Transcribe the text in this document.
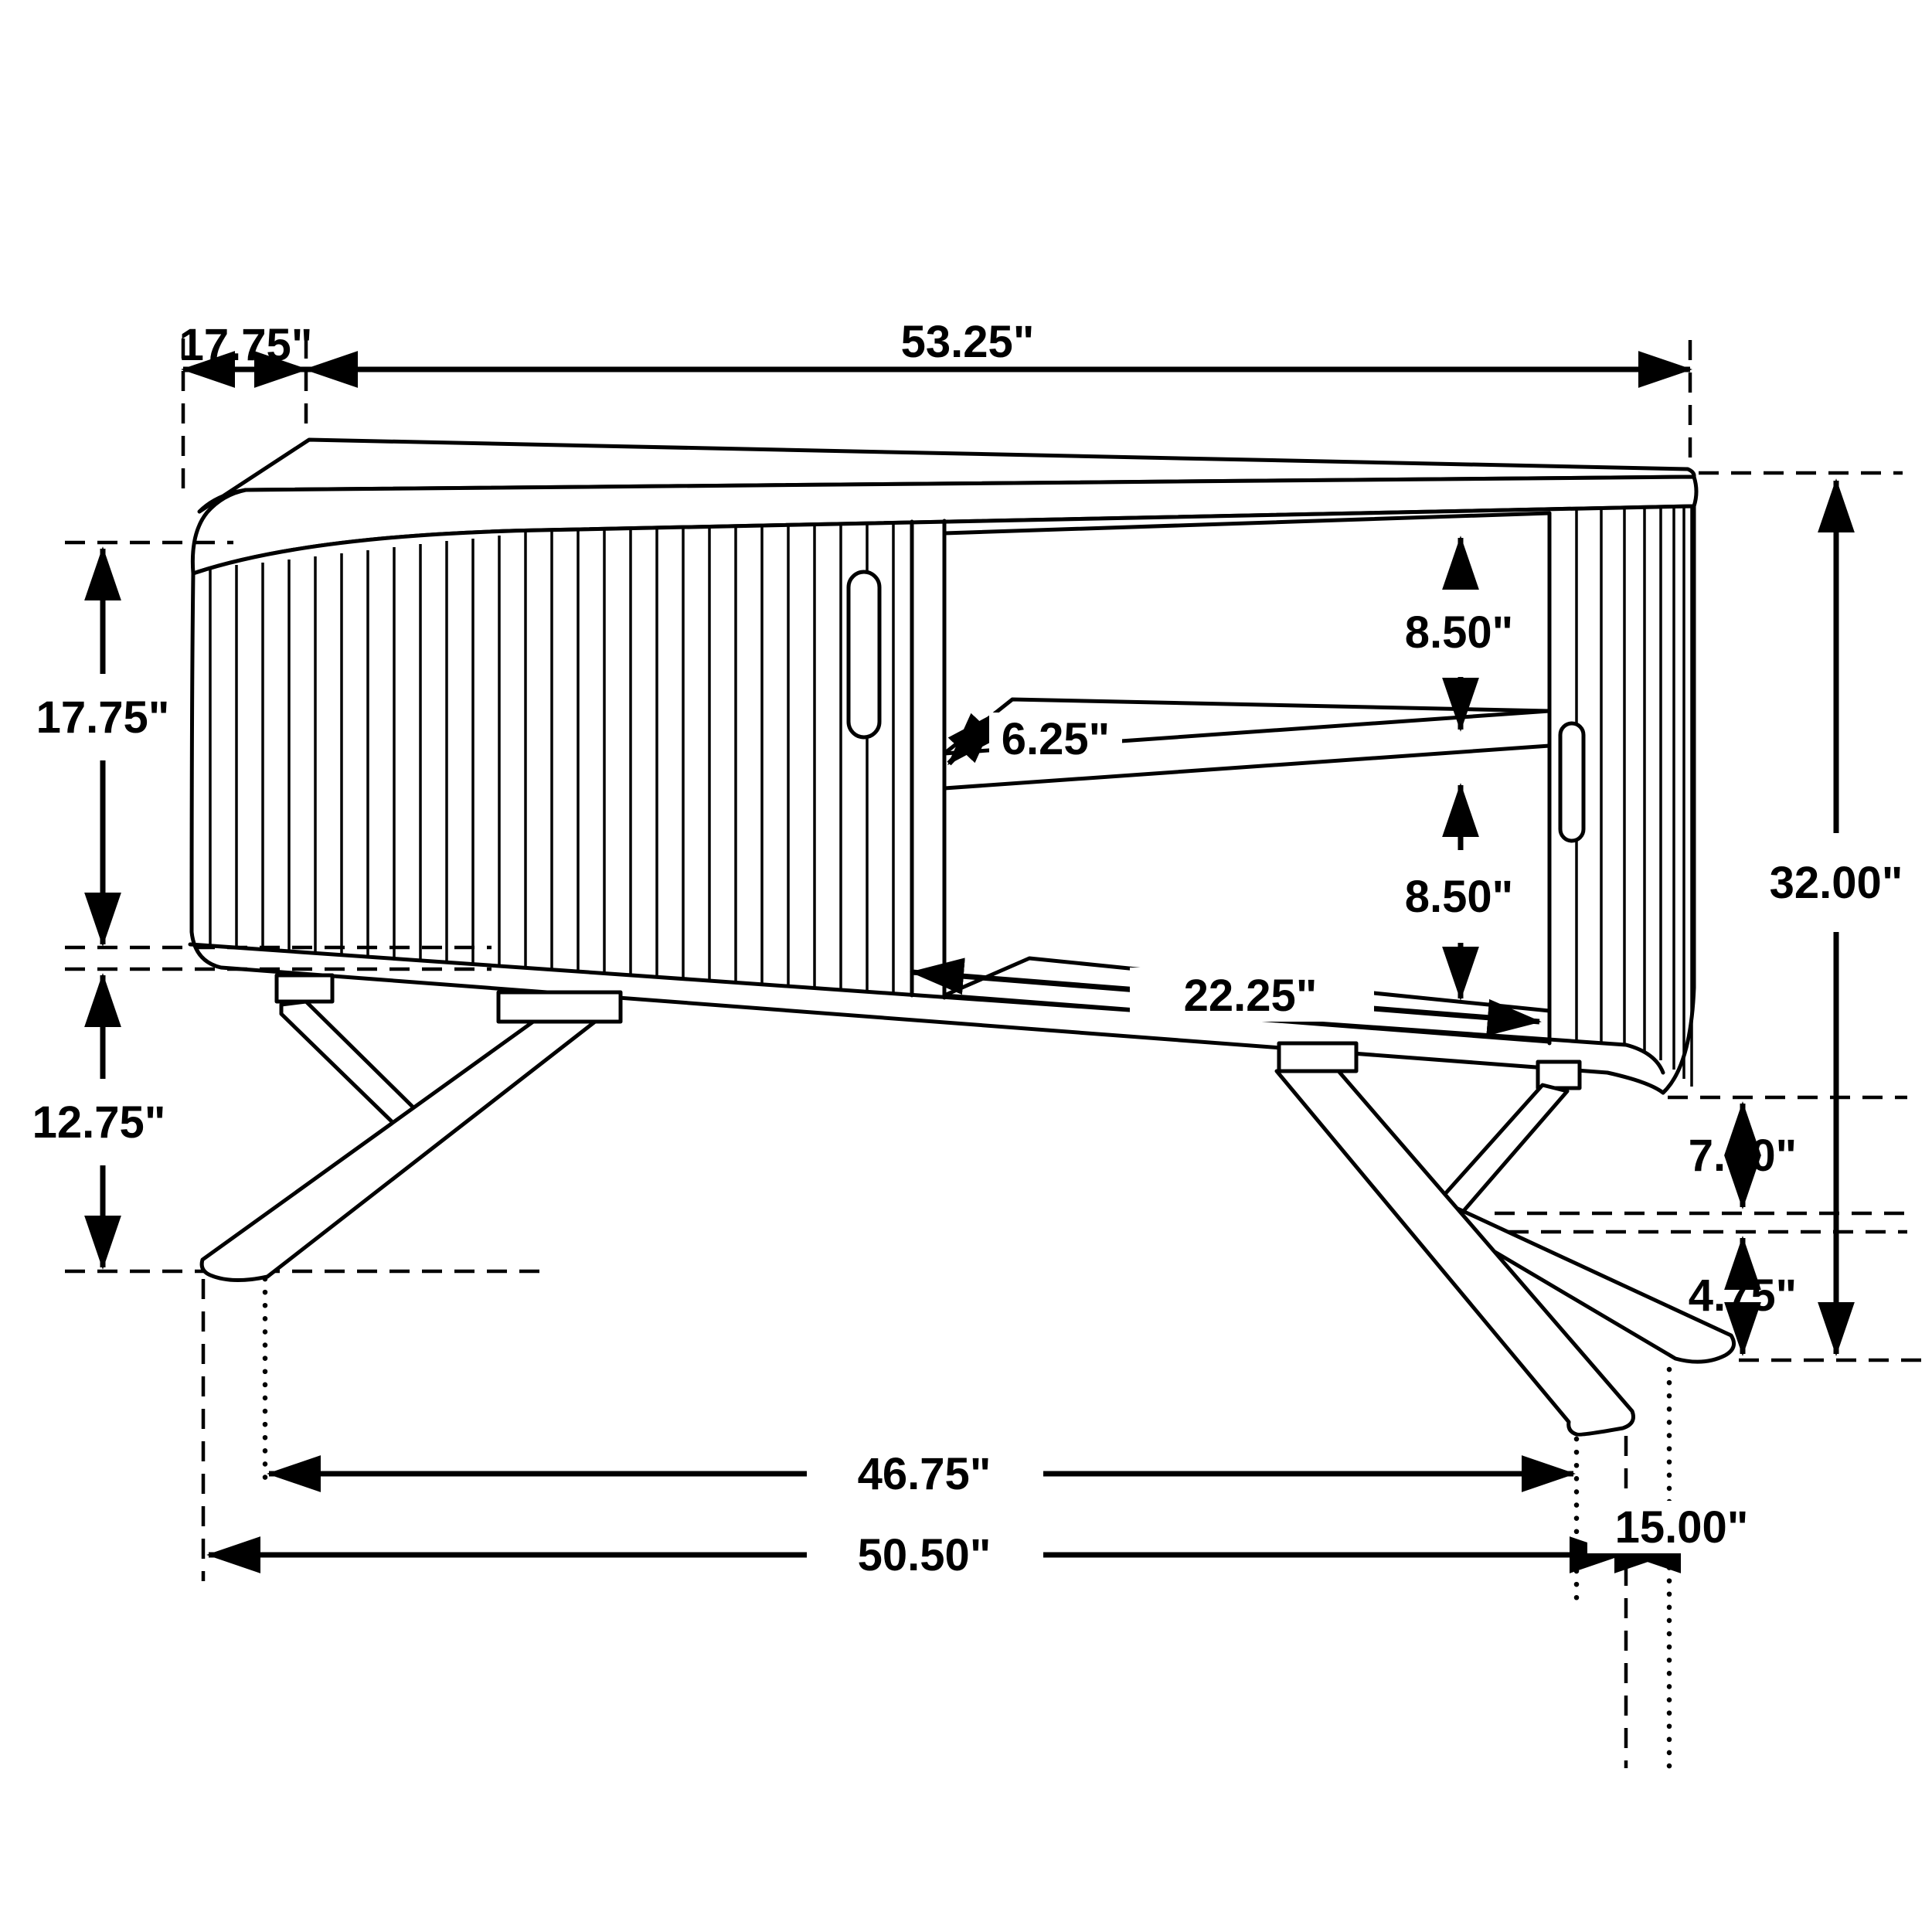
17.75"	53.25"
17.75"
12.75"
8.50"
6.25"
8.50"
22.25"
32.00"
7.00"
4.75"
46.75"
50.50"
15.00"
